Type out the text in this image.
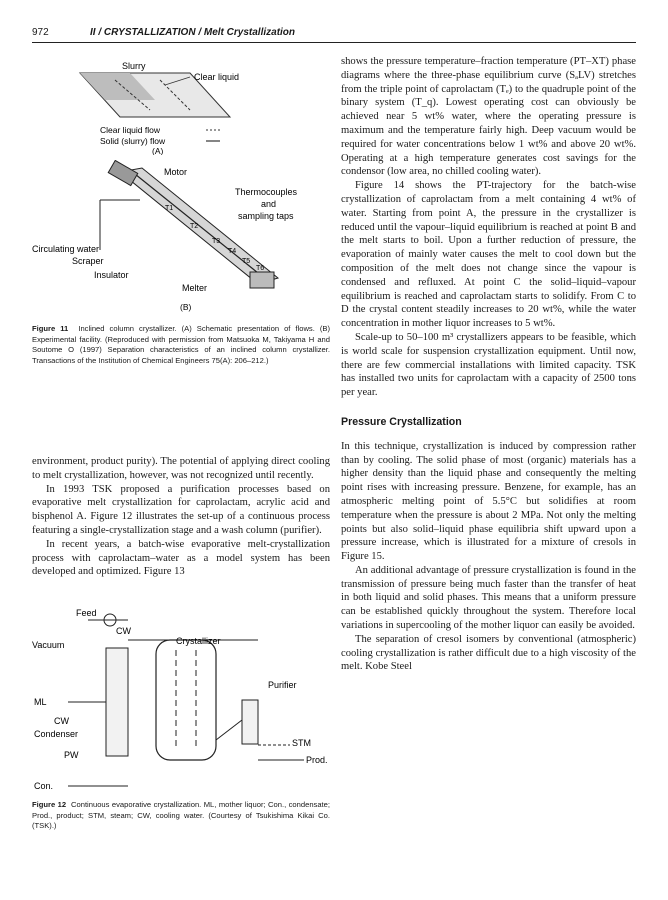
972	II / CRYSTALLIZATION / Melt Crystallization
Slurry
Clear liquid
Clear liquid flow
Solid (slurry) flow
(A)
Motor
Thermocouples
and
sampling taps
T1
T2
T3
T4
T5
T6
Circulating water
Scraper
Insulator
Melter
(B)
Figure 11 Inclined column crystallizer. (A) Schematic presentation of flows. (B) Experimental facility. (Reproduced with permission from Matsuoka M, Takiyama H and Soutome O (1997) Separation characteristics of an inclined column crystallizer. Transactions of the Institution of Chemical Engineers 75(A): 206–212.)

environment, product purity). The potential of applying direct cooling to melt crystallization, however, was not recognized until recently.

In 1993 TSK proposed a purification processes based on evaporative melt crystallization for caprolactam, acrylic acid and bisphenol A. Figure 12 illustrates the set-up of a continuous process featuring a single-crystallization stage and a wash column (purifier).

In recent years, a batch-wise evaporative melt-crystallization process with caprolactam–water as a model system has been developed and optimized. Figure 13

Feed
CW
Vacuum	Crystallizer
Purifier
ML
CW
Condenser
STM
PW	Prod.
Con.
Figure 12 Continuous evaporative crystallization. ML, mother liquor; Con., condensate; Prod., product; STM, steam; CW, cooling water. (Courtesy of Tsukishima Kikai Co. (TSK).)

shows the pressure temperature–fraction temperature (PT–XT) phase diagrams where the three-phase equilibrium curve (SₐLV) stretches from the triple point of caprolactam (Tₑ) to the quadruple point of the binary system (T_q). Lowest operating cost can obviously be achieved near 5 wt% water, where the operating pressure is maximum and the temperature fairly high. Deep vacuum would be required for water concentrations below 1 wt% and above 20 wt%. Operating at a high temperature generates cost savings for the condensor (low area, no chilled cooling water).

Figure 14 shows the PT-trajectory for the batch-wise crystallization of caprolactam from a melt containing 4 wt% of water. Starting from point A, the pressure in the crystallizer is reduced until the vapour–liquid equilibrium is reached at point B and the melt starts to boil. Upon a further reduction of pressure, the evaporation of mainly water causes the melt to cool down but the composition of the melt does not change since the vapour is condensed and refluxed. At point C the solid–liquid–vapour equilibrium is reached and caprolactam starts to solidify. From C to D the crystal content steadily increases to 20 wt%, while the water concentration in mother liquor increases to 5 wt%.

Scale-up to 50–100 m³ crystallizers appears to be feasible, which is world scale for suspension crystallization equipment. Until now, there are few commercial installations with limited capacity. TSK has installed two units for caprolactam with a capacity of 2500 tons per year.

Pressure Crystallization

In this technique, crystallization is induced by compression rather than by cooling. The solid phase of most (organic) materials has a higher density than the liquid phase and consequently the melting point rises with increasing pressure. Benzene, for example, has an atmospheric melting point of 5.5°C but solidifies at room temperature when the pressure is about 2 MPa. Not only the melting points but also solid–liquid phase equilibria shift upward upon a pressure increase, which is illustrated for a mixture of cresols in Figure 15.

An additional advantage of pressure crystallization is found in the transmission of pressure being much faster than the transfer of heat in both liquid and solid phases. This means that a uniform pressure can be established quickly throughout the system. Therefore local variations in supercooling of the mother liquor can easily be avoided.

The separation of cresol isomers by conventional (atmospheric) cooling crystallization is rather difficult due to a high viscosity of the melt. Kobe Steel
